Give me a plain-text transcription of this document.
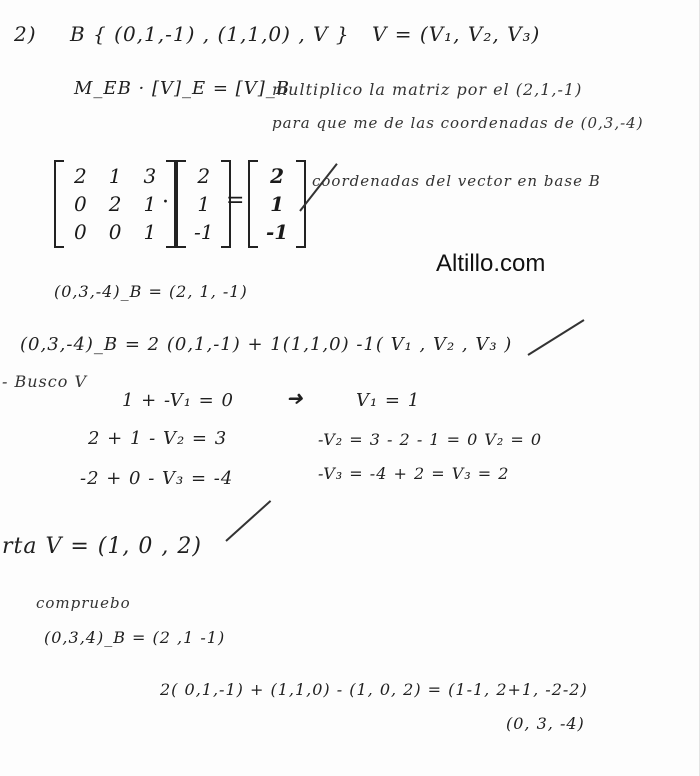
2) B { (0,1,-1) , (1,1,0) , V } V = (V₁, V₂, V₃)
M_EB · [V]_E = [V]_B
multiplico la matriz por el (2,1,-1)
para que me de las coordenadas de (0,3,-4)
2 1 3
0 2 1
0 0 1
·
2
1
-1
=
2
1
-1
coordenadas del vector en base B
Altillo.com
(0,3,-4)_B = (2, 1, -1)
(0,3,-4)_B = 2 (0,1,-1) + 1(1,1,0) -1( V₁ , V₂ , V₃ )
- Busco V
1 + -V₁ = 0	➜	V₁ = 1
2 + 1 - V₂ = 3	-V₂ = 3 - 2 - 1 = 0 V₂ = 0
-2 + 0 - V₃ = -4	-V₃ = -4 + 2 = V₃ = 2
rta V = (1, 0 , 2)
compruebo
(0,3,4)_B = (2 ,1 -1)
2( 0,1,-1) + (1,1,0) - (1, 0, 2) = (1-1, 2+1, -2-2)
(0, 3, -4)
